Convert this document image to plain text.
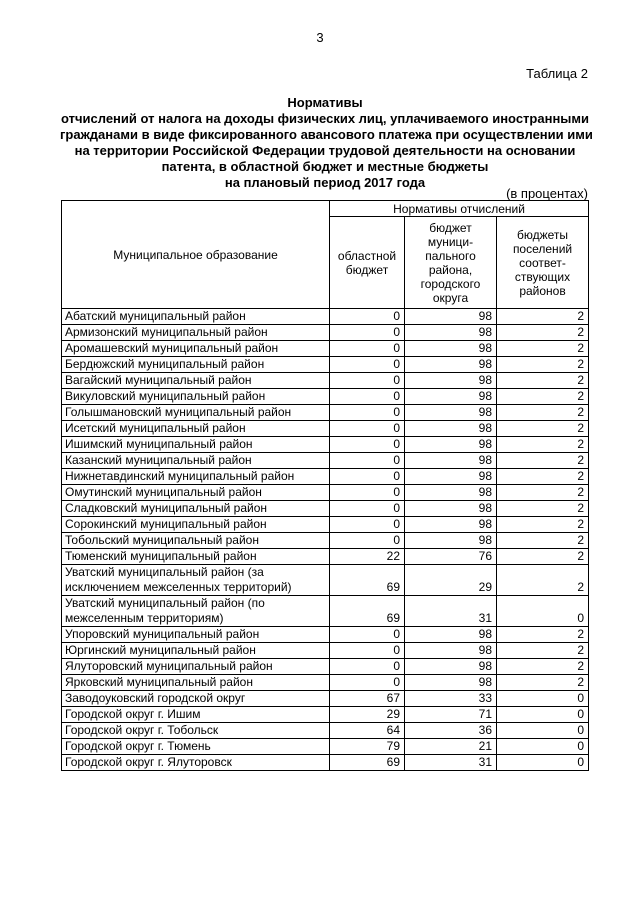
3
Таблица 2
Нормативы
отчислений от налога на доходы физических лиц, уплачиваемого иностранными
гражданами в виде фиксированного авансового платежа при осуществлении ими
на территории Российской Федерации трудовой деятельности на основании
патента, в областной бюджет и местные бюджеты
на плановый период 2017 года
(в процентах)
Муниципальное образование	Нормативы отчислений		
	областной бюджет	бюджет муници-пального района, городского округа	бюджеты поселений соответ-ствующих районов
Абатский муниципальный район	0	98	2
Армизонский муниципальный район	0	98	2
Аромашевский муниципальный район	0	98	2
Бердюжский муниципальный район	0	98	2
Вагайский муниципальный район	0	98	2
Викуловский муниципальный район	0	98	2
Голышмановский муниципальный район	0	98	2
Исетский муниципальный район	0	98	2
Ишимский муниципальный район	0	98	2
Казанский муниципальный район	0	98	2
Нижнетавдинский муниципальный район	0	98	2
Омутинский муниципальный район	0	98	2
Сладковский муниципальный район	0	98	2
Сорокинский муниципальный район	0	98	2
Тобольский муниципальный район	0	98	2
Тюменский муниципальный район	22	76	2
Уватский муниципальный район (за исключением межселенных территорий)	69	29	2
Уватский муниципальный район (по межселенным территориям)	69	31	0
Упоровский муниципальный район	0	98	2
Юргинский муниципальный район	0	98	2
Ялуторовский муниципальный район	0	98	2
Ярковский муниципальный район	0	98	2
Заводоуковский городской округ	67	33	0
Городской округ г. Ишим	29	71	0
Городской округ г. Тобольск	64	36	0
Городской округ г. Тюмень	79	21	0
Городской округ г. Ялуторовск	69	31	0
